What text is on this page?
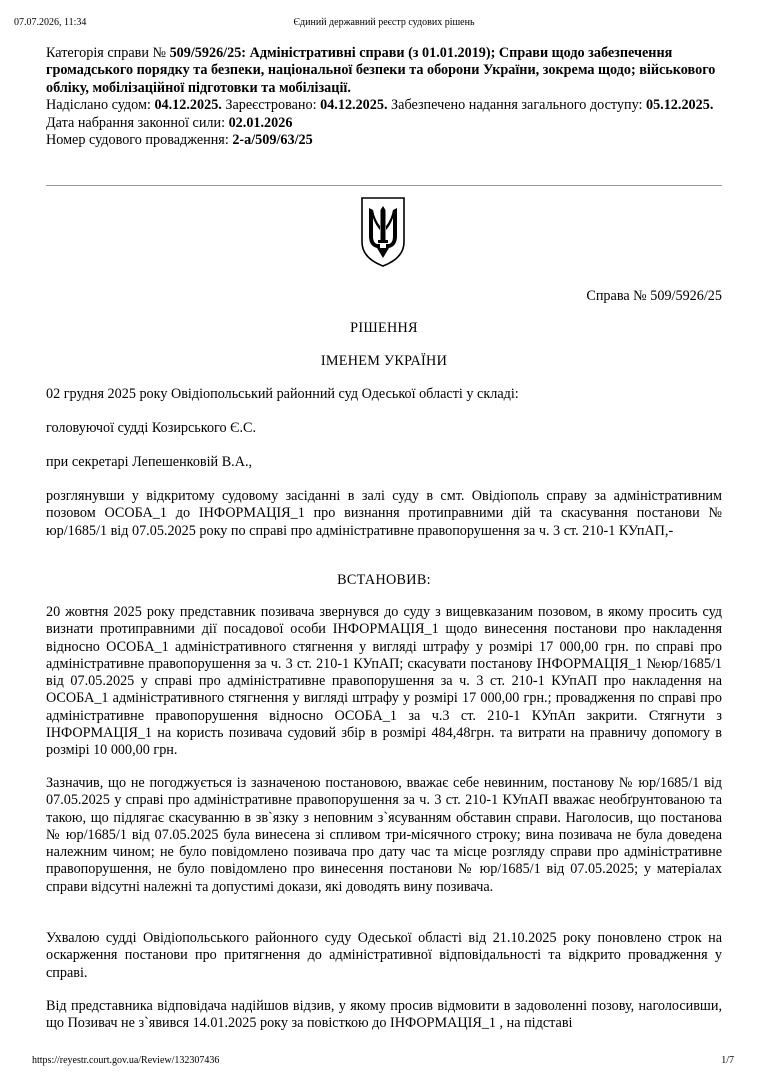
07.07.2026, 11:34	Єдиний державний реєстр судових рішень

Категорія справи № 509/5926/25: Адміністративні справи (з 01.01.2019); Справи щодо забезпечення громадського порядку та безпеки, національної безпеки та оборони України, зокрема щодо; військового обліку, мобілізаційної підготовки та мобілізації.

Надіслано судом: 04.12.2025. Зареєстровано: 04.12.2025. Забезпечено надання загального доступу: 05.12.2025.

Дата набрання законної сили: 02.01.2026

Номер судового провадження: 2-а/509/63/25

Справа № 509/5926/25
РІШЕННЯ
ІМЕНЕМ УКРАЇНИ

02 грудня 2025 року Овідіопольський районний суд Одеської області у складі:

головуючої судді Козирського Є.С.

при секретарі Лепешенковій В.А.,

розглянувши у відкритому судовому засіданні в залі суду в смт. Овідіополь справу за адміністративним позовом ОСОБА_1 до ІНФОРМАЦІЯ_1 про визнання протиправними дій та скасування постанови № юр/1685/1 від 07.05.2025 року по справі про адміністративне правопорушення за ч. 3 ст. 210-1 КУпАП,-

ВСТАНОВИВ:

20 жовтня 2025 року представник позивача звернувся до суду з вищевказаним позовом, в якому просить суд визнати протиправними дії посадової особи ІНФОРМАЦІЯ_1 щодо винесення постанови про накладення відносно ОСОБА_1 адміністративного стягнення у вигляді штрафу у розмірі 17 000,00 грн. по справі про адміністративне правопорушення за ч. 3 ст. 210-1 КУпАП; скасувати постанову ІНФОРМАЦІЯ_1 №юр/1685/1 від 07.05.2025 у справі про адміністративне правопорушення за ч. 3 ст. 210-1 КУпАП про накладення на ОСОБА_1 адміністративного стягнення у вигляді штрафу у розмірі 17 000,00 грн.; провадження по справі про адміністративне правопорушення відносно ОСОБА_1 за ч.3 ст. 210-1 КУпАп закрити. Стягнути з ІНФОРМАЦІЯ_1 на користь позивача судовий збір в розмірі 484,48грн. та витрати на правничу допомогу в розмірі 10 000,00 грн.

Зазначив, що не погоджується із зазначеною постановою, вважає себе невинним, постанову № юр/1685/1 від 07.05.2025 у справі про адміністративне правопорушення за ч. 3 ст. 210-1 КУпАП вважає необґрунтованою та такою, що підлягає скасуванню в зв`язку з неповним з`ясуванням обставин справи. Наголосив, що постанова № юр/1685/1 від 07.05.2025 була винесена зі спливом три-місячного строку; вина позивача не була доведена належним чином; не було повідомлено позивача про дату час та місце розгляду справи про адміністративне правопорушення, не було повідомлено про винесення постанови № юр/1685/1 від 07.05.2025; у матеріалах справи відсутні належні та допустимі докази, які доводять вину позивача.

Ухвалою судді Овідіопольського районного суду Одеської області від 21.10.2025 року поновлено строк на оскарження постанови про притягнення до адміністративної відповідальності та відкрито провадження у справі.

Від представника відповідача надійшов відзив, у якому просив відмовити в задоволенні позову, наголосивши, що Позивач не з`явився 14.01.2025 року за повісткою до ІНФОРМАЦІЯ_1 , на підставі

https://reyestr.court.gov.ua/Review/132307436	1/7
